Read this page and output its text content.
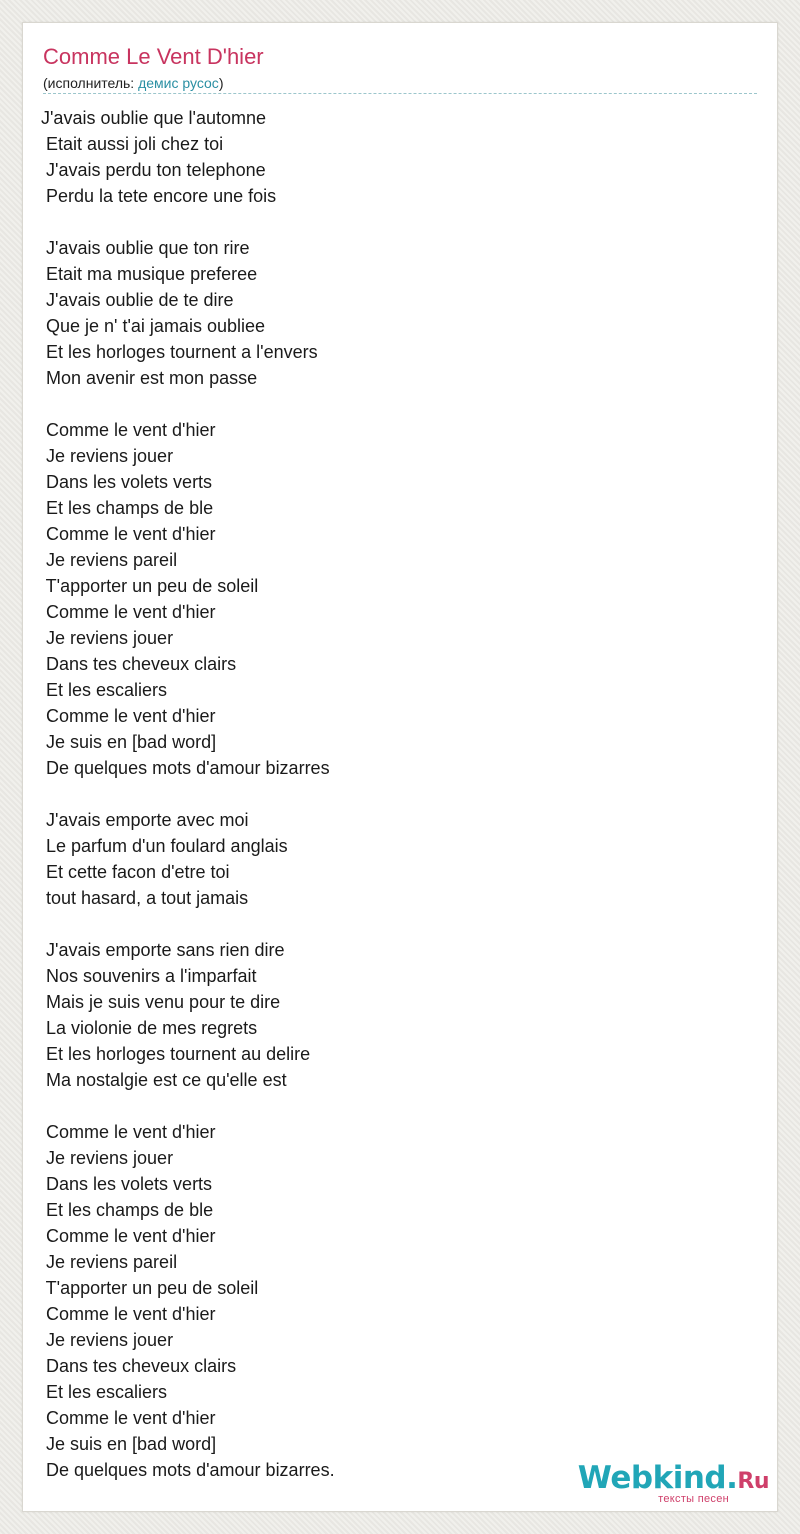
Comme Le Vent D'hier
(исполнитель: демис русос)
J'avais oublie que l'automne
Etait aussi joli chez toi
J'avais perdu ton telephone
Perdu la tete encore une fois
J'avais oublie que ton rire
Etait ma musique preferee
J'avais oublie de te dire
Que je n' t'ai jamais oubliee
Et les horloges tournent a l'envers
Mon avenir est mon passe
Comme le vent d'hier
Je reviens jouer
Dans les volets verts
Et les champs de ble
Comme le vent d'hier
Je reviens pareil
T'apporter un peu de soleil
Comme le vent d'hier
Je reviens jouer
Dans tes cheveux clairs
Et les escaliers
Comme le vent d'hier
Je suis en [bad word]
De quelques mots d'amour bizarres
J'avais emporte avec moi
Le parfum d'un foulard anglais
Et cette facon d'etre toi
tout hasard, a tout jamais
J'avais emporte sans rien dire
Nos souvenirs a l'imparfait
Mais je suis venu pour te dire
La violonie de mes regrets
Et les horloges tournent au delire
Ma nostalgie est ce qu'elle est
Comme le vent d'hier
Je reviens jouer
Dans les volets verts
Et les champs de ble
Comme le vent d'hier
Je reviens pareil
T'apporter un peu de soleil
Comme le vent d'hier
Je reviens jouer
Dans tes cheveux clairs
Et les escaliers
Comme le vent d'hier
Je suis en [bad word]
De quelques mots d'amour bizarres.	Webkind.Ru
тексты песен
